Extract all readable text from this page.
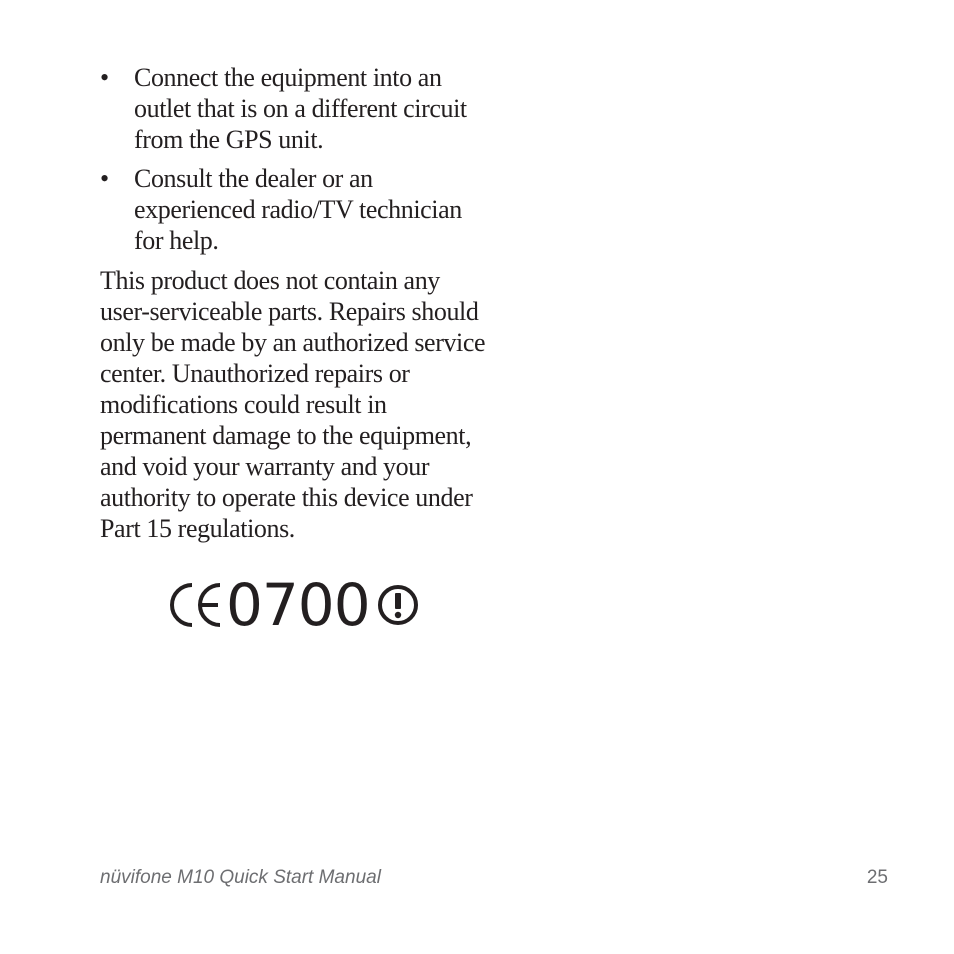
• Connect the equipment into an outlet that is on a different circuit from the GPS unit.
• Consult the dealer or an experienced radio/TV technician for help.

This product does not contain any user-serviceable parts. Repairs should only be made by an authorized service center. Unauthorized repairs or modifications could result in permanent damage to the equipment, and void your warranty and your authority to operate this device under Part 15 regulations.

0700
nüvifone M10 Quick Start Manual	25
